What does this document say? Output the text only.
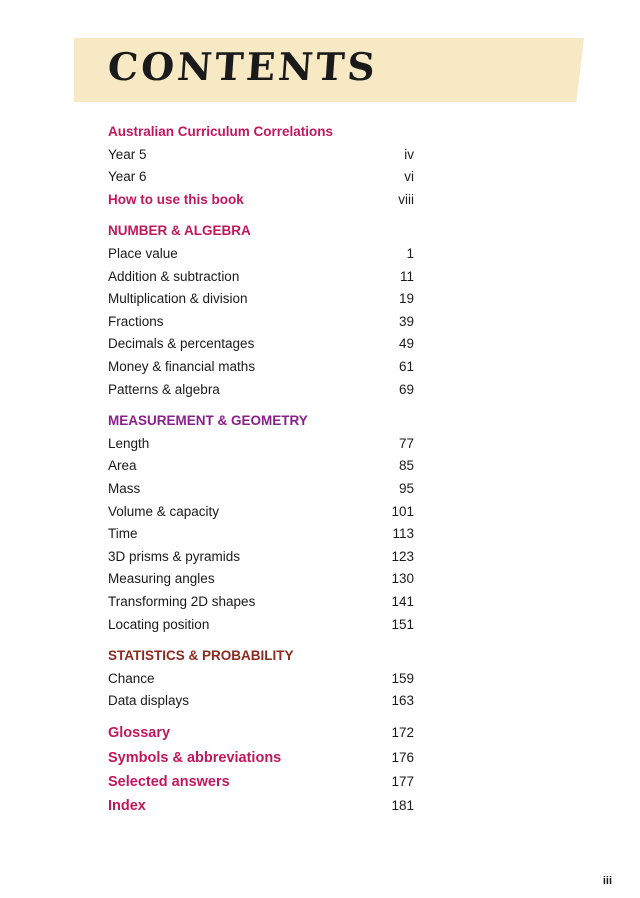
CONTENTS
Australian Curriculum Correlations
Year 5	iv
Year 6	vi
How to use this book	viii
NUMBER & ALGEBRA
Place value	1
Addition & subtraction	11
Multiplication & division	19
Fractions	39
Decimals & percentages	49
Money & financial maths	61
Patterns & algebra	69
MEASUREMENT & GEOMETRY
Length	77
Area	85
Mass	95
Volume & capacity	101
Time	113
3D prisms & pyramids	123
Measuring angles	130
Transforming 2D shapes	141
Locating position	151
STATISTICS & PROBABILITY
Chance	159
Data displays	163
Glossary	172
Symbols & abbreviations	176
Selected answers	177
Index	181
iii
